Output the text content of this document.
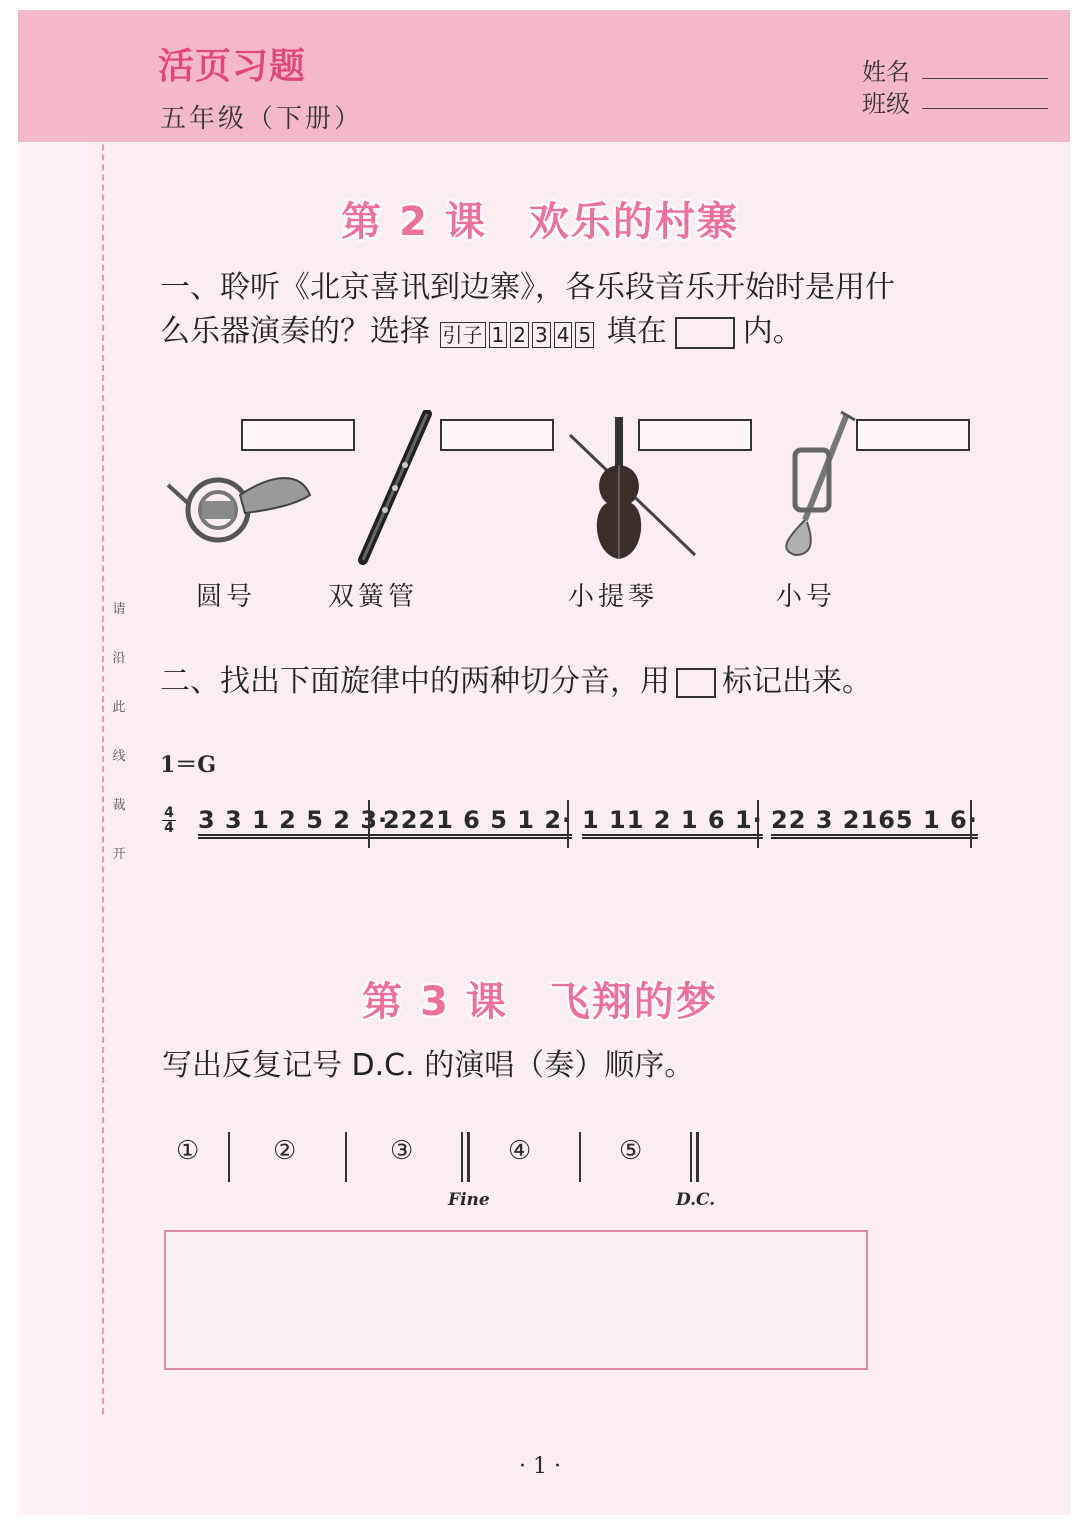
请
沿
此
线
裁
开
活页习题
五年级（下册）
姓名
班级
第 2 课　欢乐的村寨
一、聆听《北京喜讯到边寨》，各乐段音乐开始时是用什
么乐器演奏的？选择 引子 1 2 3 4 5 填在	内。
圆号	双簧管	小提琴	小号
二、找出下面旋律中的两种切分音，用 标记出来。
1＝G
4
4 3 3 1 2 5 2 3·
2221 6 5 1 2· 1 11 2 1 6 1· 22 3 2165 1 6·
第 3 课　飞翔的梦
写出反复记号 D.C. 的演唱（奏）顺序。
①	②	③	④	⑤
Fine	D.C.
· 1 ·
